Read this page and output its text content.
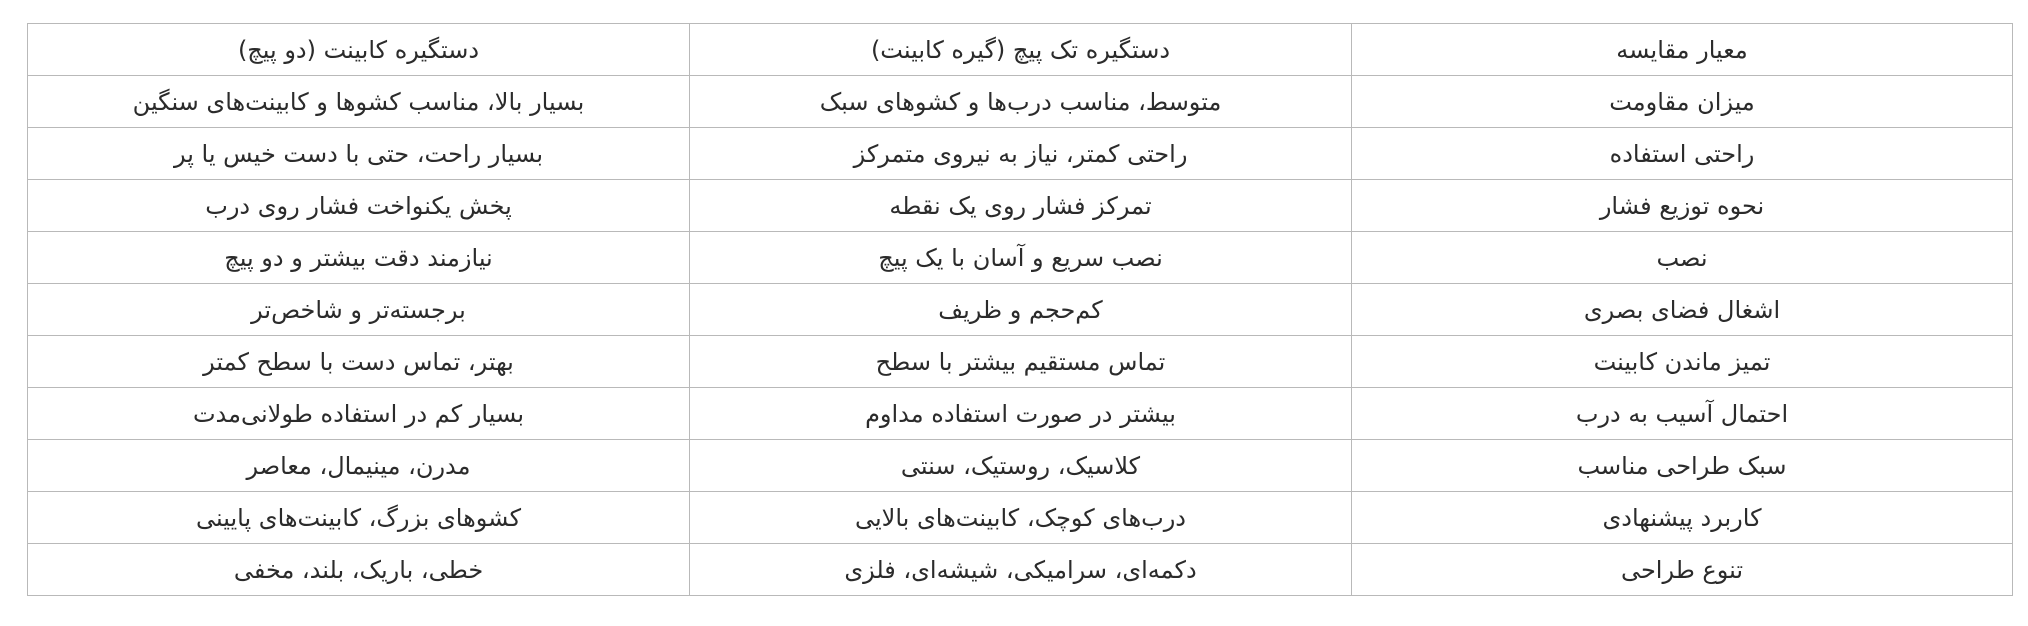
معیار مقایسه	دستگیره تک پیچ (گیره کابینت)	دستگیره کابینت (دو پیچ)
میزان مقاومت	متوسط، مناسب درب‌ها و کشوهای سبک	بسیار بالا، مناسب کشوها و کابینت‌های سنگین
راحتی استفاده	راحتی کمتر، نیاز به نیروی متمرکز	بسیار راحت، حتی با دست خیس یا پر
نحوه توزیع فشار	تمرکز فشار روی یک نقطه	پخش یکنواخت فشار روی درب
نصب	نصب سریع و آسان با یک پیچ	نیازمند دقت بیشتر و دو پیچ
اشغال فضای بصری	کم‌حجم و ظریف	برجسته‌تر و شاخص‌تر
تمیز ماندن کابینت	تماس مستقیم بیشتر با سطح	بهتر، تماس دست با سطح کمتر
احتمال آسیب به درب	بیشتر در صورت استفاده مداوم	بسیار کم در استفاده طولانی‌مدت
سبک طراحی مناسب	کلاسیک، روستیک، سنتی	مدرن، مینیمال، معاصر
کاربرد پیشنهادی	درب‌های کوچک، کابینت‌های بالایی	کشوهای بزرگ، کابینت‌های پایینی
تنوع طراحی	دکمه‌ای، سرامیکی، شیشه‌ای، فلزی	خطی، باریک، بلند، مخفی
